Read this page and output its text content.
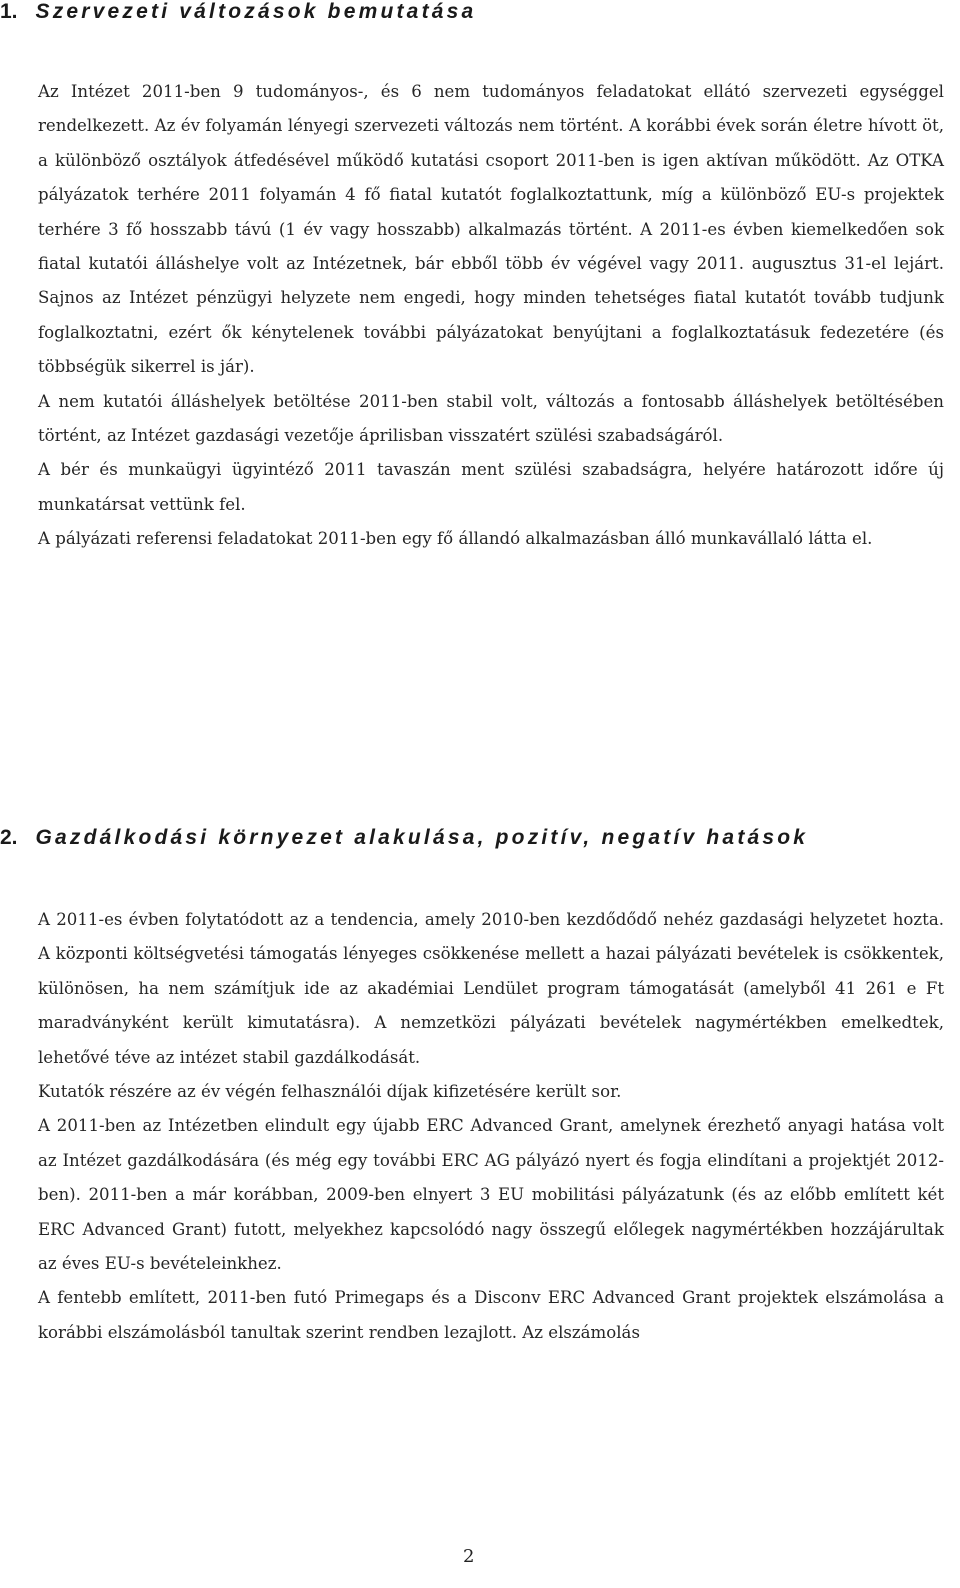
1. Szervezeti változások bemutatása

Az Intézet 2011-ben 9 tudományos-, és 6 nem tudományos feladatokat ellátó szervezeti egységgel rendelkezett. Az év folyamán lényegi szervezeti változás nem történt. A korábbi évek során életre hívott öt, a különböző osztályok átfedésével működő kutatási csoport 2011-ben is igen aktívan működött. Az OTKA pályázatok terhére 2011 folyamán 4 fő fiatal kutatót foglalkoztattunk, míg a különböző EU-s projektek terhére 3 fő hosszabb távú (1 év vagy hosszabb) alkalmazás történt. A 2011-es évben kiemelkedően sok fiatal kutatói álláshelye volt az Intézetnek, bár ebből több év végével vagy 2011. augusztus 31-el lejárt. Sajnos az Intézet pénzügyi helyzete nem engedi, hogy minden tehetséges fiatal kutatót tovább tudjunk foglalkoztatni, ezért ők kénytelenek további pályázatokat benyújtani a foglalkoztatásuk fedezetére (és többségük sikerrel is jár).

A nem kutatói álláshelyek betöltése 2011-ben stabil volt, változás a fontosabb álláshelyek betöltésében történt, az Intézet gazdasági vezetője áprilisban visszatért szülési szabadságáról.

A bér és munkaügyi ügyintéző 2011 tavaszán ment szülési szabadságra, helyére határozott időre új munkatársat vettünk fel.

A pályázati referensi feladatokat 2011-ben egy fő állandó alkalmazásban álló munkavállaló látta el.

2. Gazdálkodási környezet alakulása, pozitív, negatív hatások

A 2011-es évben folytatódott az a tendencia, amely 2010-ben kezdődődő nehéz gazdasági helyzetet hozta. A központi költségvetési támogatás lényeges csökkenése mellett a hazai pályázati bevételek is csökkentek, különösen, ha nem számítjuk ide az akadémiai Lendület program támogatását (amelyből 41 261 e Ft maradványként került kimutatásra). A nemzetközi pályázati bevételek nagymértékben emelkedtek, lehetővé téve az intézet stabil gazdálkodását.

Kutatók részére az év végén felhasználói díjak kifizetésére került sor.

A 2011-ben az Intézetben elindult egy újabb ERC Advanced Grant, amelynek érezhető anyagi hatása volt az Intézet gazdálkodására (és még egy további ERC AG pályázó nyert és fogja elindítani a projektjét 2012-ben). 2011-ben a már korábban, 2009-ben elnyert 3 EU mobilitási pályázatunk (és az előbb említett két ERC Advanced Grant) futott, melyekhez kapcsolódó nagy összegű előlegek nagymértékben hozzájárultak az éves EU-s bevételeinkhez.

A fentebb említett, 2011-ben futó Primegaps és a Disconv ERC Advanced Grant projektek elszámolása a korábbi elszámolásból tanultak szerint rendben lezajlott. Az elszámolás

2
